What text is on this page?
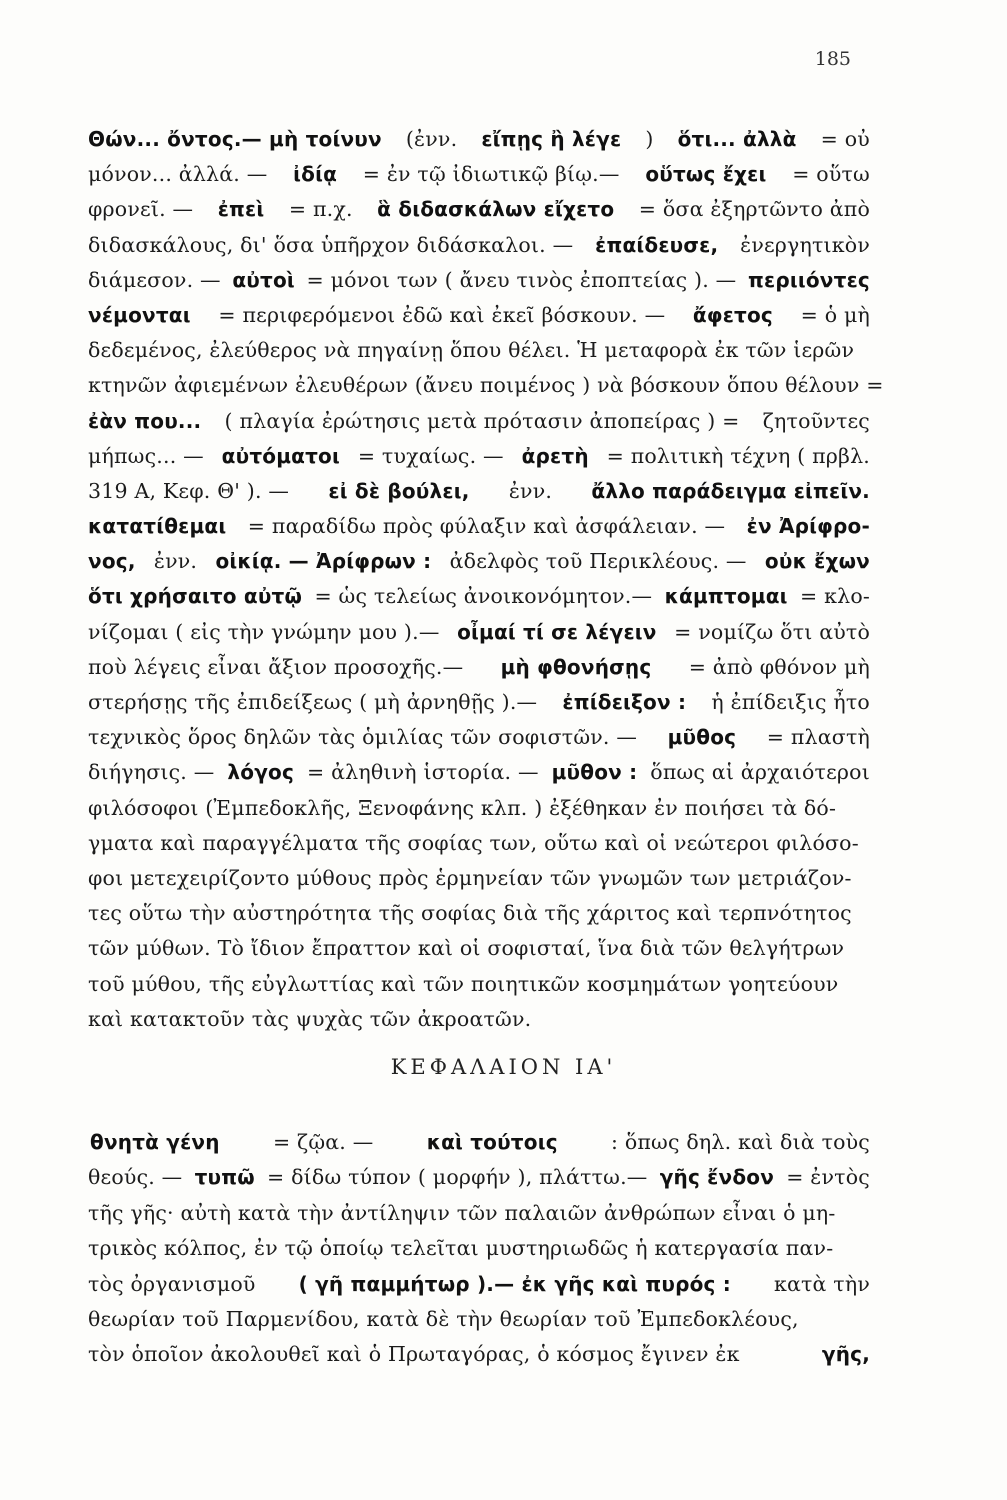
185
Θών... ὄντος.— μὴ τοίνυν (ἐνν. εἴπῃς ἢ λέγε ) ὅτι... ἀλλὰ = οὐ
μόνον... ἀλλά. — ἰδίᾳ = ἐν τῷ ἰδιωτικῷ βίῳ.— οὕτως ἔχει = οὕτω
φρονεῖ. — ἐπεὶ = π.χ. ἃ διδασκάλων εἴχετο = ὅσα ἐξηρτῶντο ἀπὸ
διδασκάλους, δι' ὅσα ὑπῆρχον διδάσκαλοι. — ἐπαίδευσε, ἐνεργητικὸν
διάμεσον. — αὐτοὶ = μόνοι των ( ἄνευ τινὸς ἐποπτείας ). — περιιόντες
νέμονται = περιφερόμενοι ἐδῶ καὶ ἐκεῖ βόσκουν. — ἄφετος = ὁ μὴ
δεδεμένος, ἐλεύθερος νὰ πηγαίνῃ ὅπου θέλει. Ἡ μεταφορὰ ἐκ τῶν ἱερῶν
κτηνῶν ἀφιεμένων ἐλευθέρων (ἄνευ ποιμένος ) νὰ βόσκουν ὅπου θέλουν =
ἐὰν που... ( πλαγία ἐρώτησις μετὰ πρότασιν ἀποπείρας ) = ζητοῦντες
μήπως... — αὐτόματοι = τυχαίως. — ἀρετὴ = πολιτικὴ τέχνη ( πρβλ.
319 Α, Κεφ. Θ' ). — εἰ δὲ βούλει, ἐνν. ἄλλο παράδειγμα εἰπεῖν.
κατατίθεμαι = παραδίδω πρὸς φύλαξιν καὶ ἀσφάλειαν. — ἐν Ἀρίφρο-
νος, ἐνν. οἰκίᾳ. — Ἀρίφρων : ἀδελφὸς τοῦ Περικλέους. — οὐκ ἔχων
ὅτι χρήσαιτο αὐτῷ = ὡς τελείως ἀνοικονόμητον.— κάμπτομαι = κλο-
νίζομαι ( εἰς τὴν γνώμην μου ).— οἶμαί τί σε λέγειν = νομίζω ὅτι αὐτὸ
ποὺ λέγεις εἶναι ἄξιον προσοχῆς.— μὴ φθονήσῃς = ἀπὸ φθόνον μὴ
στερήσῃς τῆς ἐπιδείξεως ( μὴ ἀρνηθῇς ).— ἐπίδειξον : ἡ ἐπίδειξις ἦτο
τεχνικὸς ὅρος δηλῶν τὰς ὁμιλίας τῶν σοφιστῶν. — μῦθος = πλαστὴ
διήγησις. — λόγος = ἀληθινὴ ἱστορία. — μῦθον : ὅπως αἱ ἀρχαιότεροι
φιλόσοφοι (Ἐμπεδοκλῆς, Ξενοφάνης κλπ. ) ἐξέθηκαν ἐν ποιήσει τὰ δό-
γματα καὶ παραγγέλματα τῆς σοφίας των, οὕτω καὶ οἱ νεώτεροι φιλόσο-
φοι μετεχειρίζοντο μύθους πρὸς ἑρμηνείαν τῶν γνωμῶν των μετριάζον-
τες οὕτω τὴν αὐστηρότητα τῆς σοφίας διὰ τῆς χάριτος καὶ τερπνότητος
τῶν μύθων. Τὸ ἴδιον ἔπραττον καὶ οἱ σοφισταί, ἵνα διὰ τῶν θελγήτρων
τοῦ μύθου, τῆς εὐγλωττίας καὶ τῶν ποιητικῶν κοσμημάτων γοητεύουν
καὶ κατακτοῦν τὰς ψυχὰς τῶν ἀκροατῶν.
ΚΕΦΑΛΑΙΟΝ ΙΑ'
θνητὰ γένη	= ζῷα. —	καὶ τούτοις	: ὅπως δηλ. καὶ διὰ τοὺς
θεούς. — τυπῶ = δίδω τύπον ( μορφήν ), πλάττω.— γῆς ἔνδον = ἐντὸς
τῆς γῆς· αὐτὴ κατὰ τὴν ἀντίληψιν τῶν παλαιῶν ἀνθρώπων εἶναι ὁ μη-
τρικὸς κόλπος, ἐν τῷ ὁποίῳ τελεῖται μυστηριωδῶς ἡ κατεργασία παν-
τὸς ὀργανισμοῦ ( γῆ παμμήτωρ ).— ἐκ γῆς καὶ πυρός : κατὰ τὴν
θεωρίαν τοῦ Παρμενίδου, κατὰ δὲ τὴν θεωρίαν τοῦ Ἐμπεδοκλέους,
τὸν ὁποῖον ἀκολουθεῖ καὶ ὁ Πρωταγόρας, ὁ κόσμος ἔγινεν ἐκ	γῆς,
